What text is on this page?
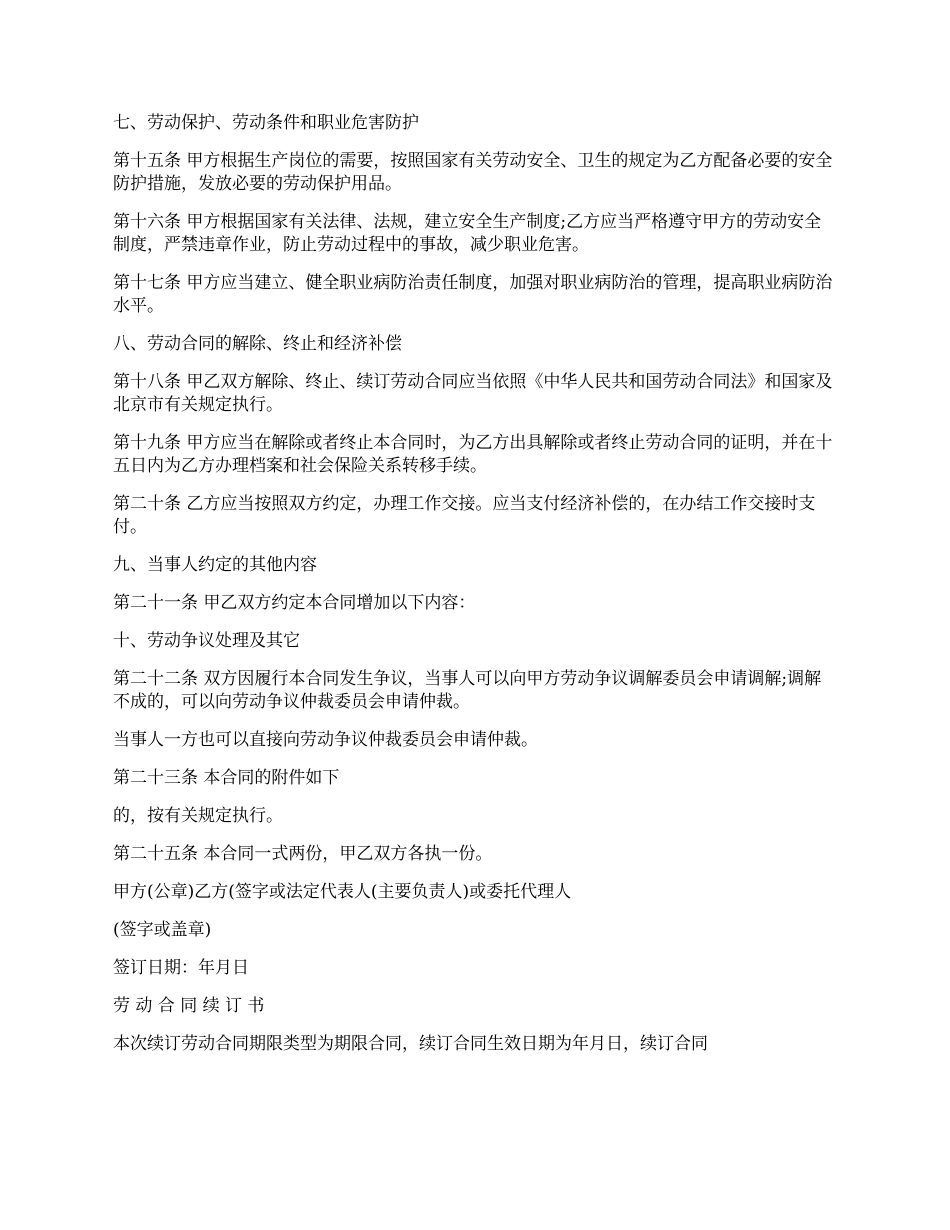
七、劳动保护、劳动条件和职业危害防护

第十五条 甲方根据生产岗位的需要，按照国家有关劳动安全、卫生的规定为乙方配备必要的安全防护措施，发放必要的劳动保护用品。

第十六条 甲方根据国家有关法律、法规，建立安全生产制度;乙方应当严格遵守甲方的劳动安全制度，严禁违章作业，防止劳动过程中的事故，减少职业危害。

第十七条 甲方应当建立、健全职业病防治责任制度，加强对职业病防治的管理，提高职业病防治水平。

八、劳动合同的解除、终止和经济补偿

第十八条 甲乙双方解除、终止、续订劳动合同应当依照《中华人民共和国劳动合同法》和国家及北京市有关规定执行。

第十九条 甲方应当在解除或者终止本合同时，为乙方出具解除或者终止劳动合同的证明，并在十五日内为乙方办理档案和社会保险关系转移手续。

第二十条 乙方应当按照双方约定，办理工作交接。应当支付经济补偿的，在办结工作交接时支付。

九、当事人约定的其他内容

第二十一条 甲乙双方约定本合同增加以下内容：

十、劳动争议处理及其它

第二十二条 双方因履行本合同发生争议，当事人可以向甲方劳动争议调解委员会申请调解;调解不成的，可以向劳动争议仲裁委员会申请仲裁。

当事人一方也可以直接向劳动争议仲裁委员会申请仲裁。

第二十三条 本合同的附件如下

的，按有关规定执行。

第二十五条 本合同一式两份，甲乙双方各执一份。

甲方(公章)乙方(签字或法定代表人(主要负责人)或委托代理人

(签字或盖章)

签订日期：年月日

劳 动 合 同 续 订 书

本次续订劳动合同期限类型为期限合同，续订合同生效日期为年月日，续订合同
